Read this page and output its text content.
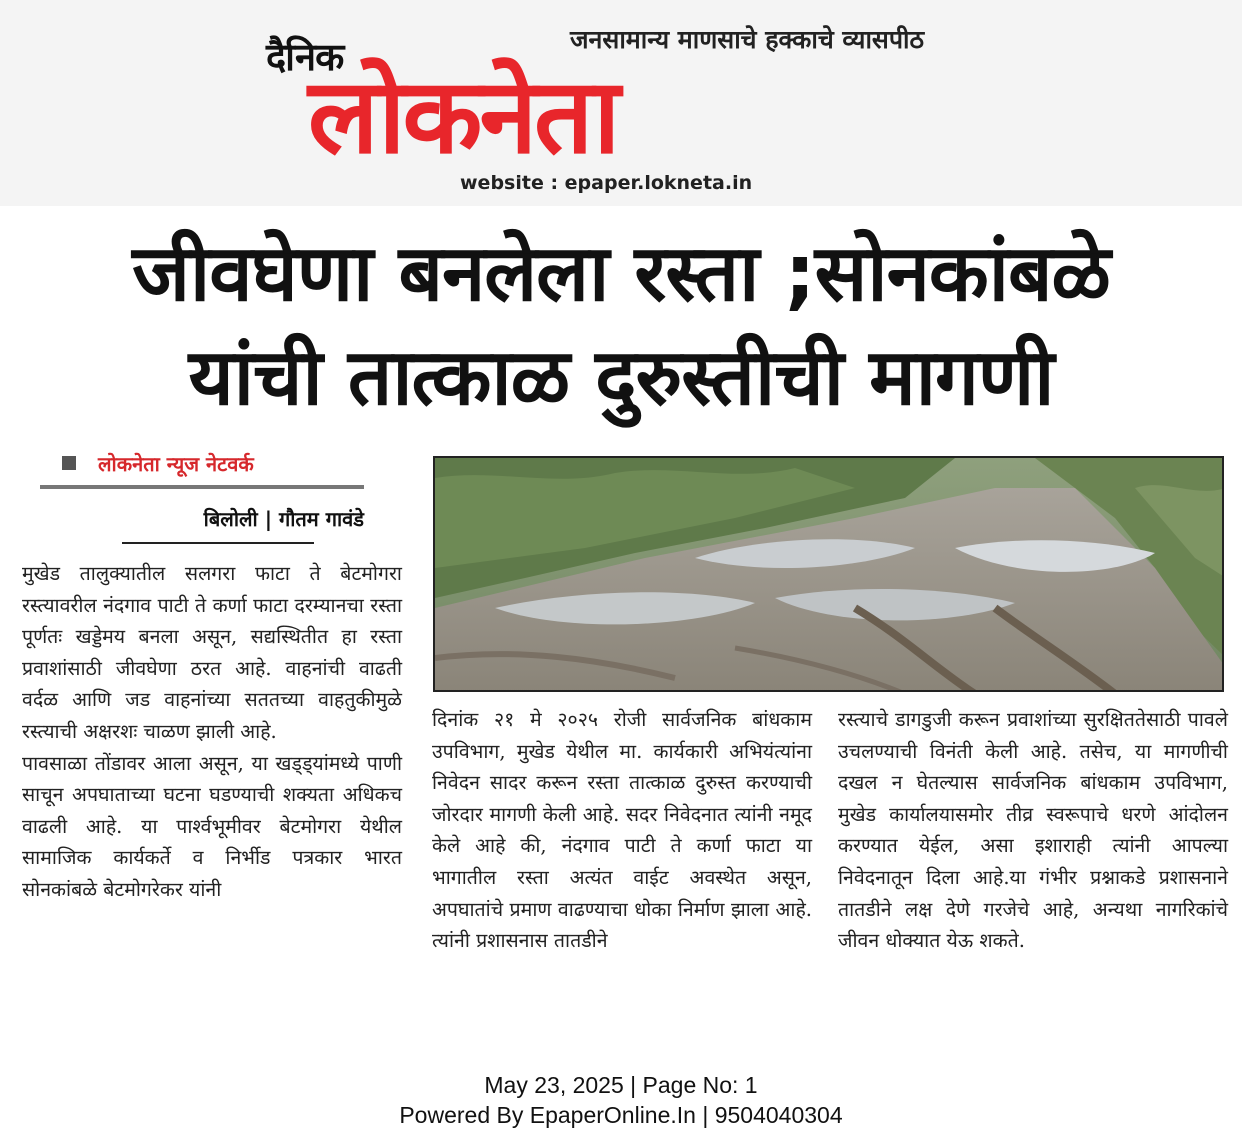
जनसामान्य माणसाचे हक्काचे व्यासपीठ
दैनिक
लोकनेता
website : epaper.lokneta.in
जीवघेणा बनलेला रस्ता ;सोनकांबळे
यांची तात्काळ दुरुस्तीची मागणी
लोकनेता न्यूज नेटवर्क
बिलोली | गौतम गावंडे

मुखेड तालुक्यातील सलगरा फाटा ते बेटमोगरा रस्त्यावरील नंदगाव पाटी ते कर्णा फाटा दरम्यानचा रस्ता पूर्णतः खड्डेमय बनला असून, सद्यस्थितीत हा रस्ता प्रवाशांसाठी जीवघेणा ठरत आहे. वाहनांची वाढती वर्दळ आणि जड वाहनांच्या सततच्या वाहतुकीमुळे रस्त्याची अक्षरशः चाळण झाली आहे.

पावसाळा तोंडावर आला असून, या खड्ड्यांमध्ये पाणी साचून अपघाताच्या घटना घडण्याची शक्यता अधिकच वाढली आहे. या पार्श्वभूमीवर बेटमोगरा येथील सामाजिक कार्यकर्ते व निर्भीड पत्रकार भारत सोनकांबळे बेटमोगरेकर यांनी

दिनांक २१ मे २०२५ रोजी सार्वजनिक बांधकाम उपविभाग, मुखेड येथील मा. कार्यकारी अभियंत्यांना निवेदन सादर करून रस्ता तात्काळ दुरुस्त करण्याची जोरदार मागणी केली आहे. सदर निवेदनात त्यांनी नमूद केले आहे की, नंदगाव पाटी ते कर्णा फाटा या भागातील रस्ता अत्यंत वाईट अवस्थेत असून, अपघातांचे प्रमाण वाढण्याचा धोका निर्माण झाला आहे. त्यांनी प्रशासनास तातडीने

रस्त्याचे डागडुजी करून प्रवाशांच्या सुरक्षिततेसाठी पावले उचलण्याची विनंती केली आहे. तसेच, या मागणीची दखल न घेतल्यास सार्वजनिक बांधकाम उपविभाग, मुखेड कार्यालयासमोर तीव्र स्वरूपाचे धरणे आंदोलन करण्यात येईल, असा इशाराही त्यांनी आपल्या निवेदनातून दिला आहे.या गंभीर प्रश्नाकडे प्रशासनाने तातडीने लक्ष देणे गरजेचे आहे, अन्यथा नागरिकांचे जीवन धोक्यात येऊ शकते.

May 23, 2025 | Page No: 1
Powered By EpaperOnline.In | 9504040304
